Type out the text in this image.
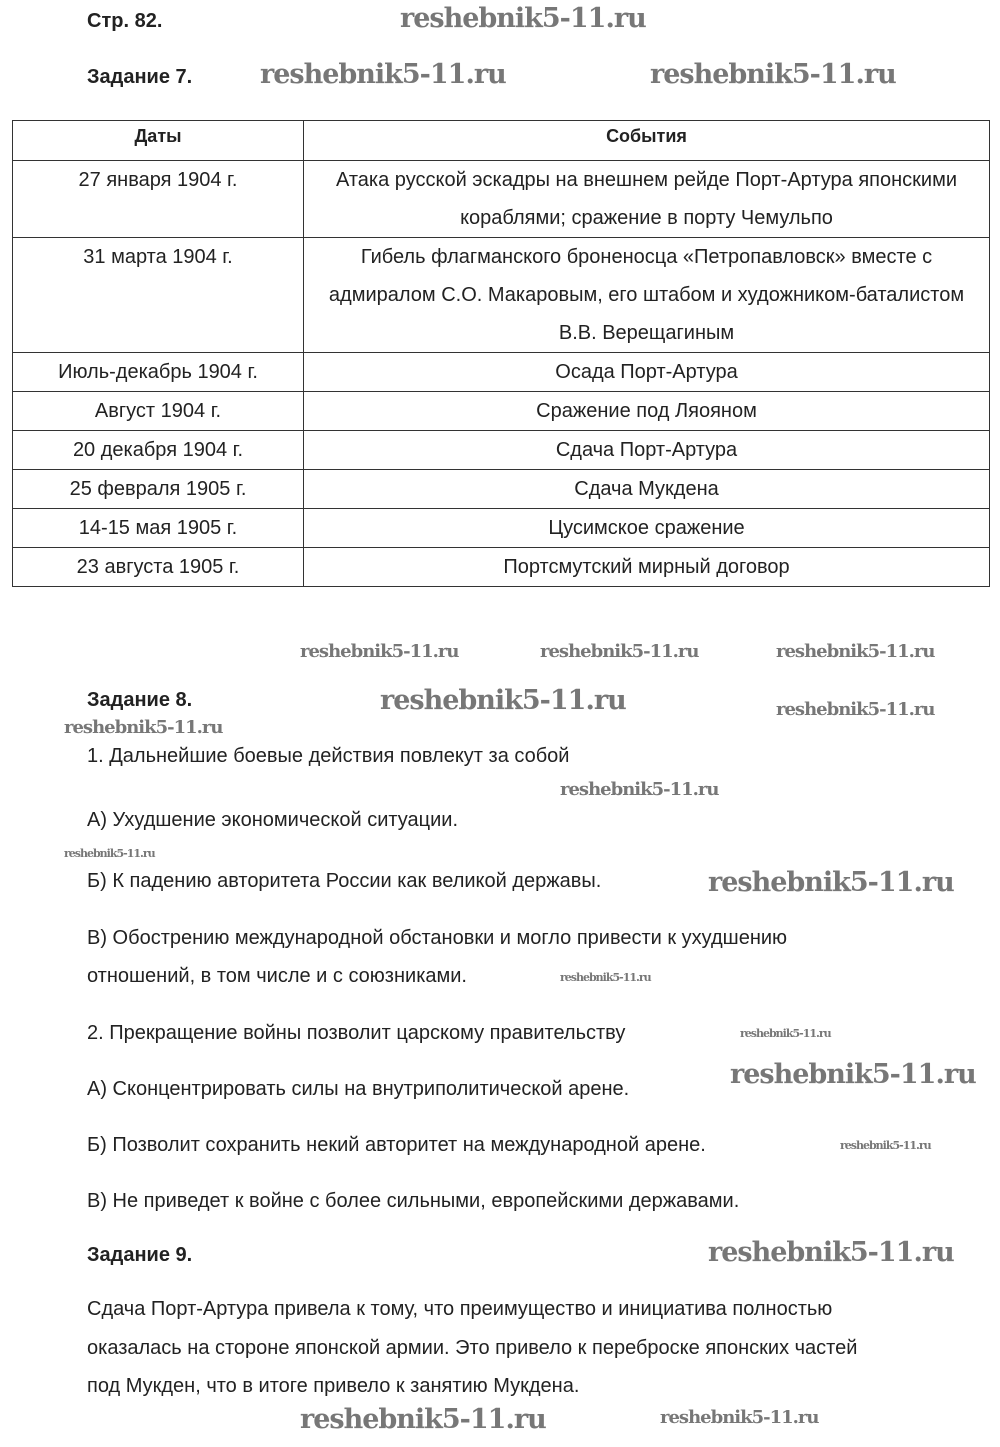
Стр. 82.
Задание 7.
Даты	События
27 января 1904 г.	Атака русской эскадры на внешнем рейде Порт-Артура японскими кораблями; сражение в порту Чемульпо
31 марта 1904 г.	Гибель флагманского броненосца «Петропавловск» вместе с адмиралом С.О. Макаровым, его штабом и художником-баталистом В.В. Верещагиным
Июль-декабрь 1904 г.	Осада Порт-Артура
Август 1904 г.	Сражение под Ляояном
20 декабря 1904 г.	Сдача Порт-Артура
25 февраля 1905 г.	Сдача Мукдена
14-15 мая 1905 г.	Цусимское сражение
23 августа 1905 г.	Портсмутский мирный договор
Задание 8.
1. Дальнейшие боевые действия повлекут за собой
А) Ухудшение экономической ситуации.
Б) К падению авторитета России как великой державы.
В) Обострению международной обстановки и могло привести к ухудшению
отношений, в том числе и с союзниками.
2. Прекращение войны позволит царскому правительству
А) Сконцентрировать силы на внутриполитической арене.
Б) Позволит сохранить некий авторитет на международной арене.
В) Не приведет к войне с более сильными, европейскими державами.
Задание 9.
Сдача Порт-Артура привела к тому, что преимущество и инициатива полностью
оказалась на стороне японской армии. Это привело к переброске японских частей
под Мукден, что в итоге привело к занятию Мукдена.
reshebnik5-11.ru
reshebnik5-11.ru
reshebnik5-11.ru	reshebnik5-11.ru
reshebnik5-11.ru
reshebnik5-11.ru
reshebnik5-11.ru	reshebnik5-11.ru
reshebnik5-11.ru
reshebnik5-11.ru
reshebnik5-11.ru
reshebnik5-11.ru
reshebnik5-11.ru
reshebnik5-11.ru
reshebnik5-11.ru
reshebnik5-11.ru
reshebnik5-11.ru
reshebnik5-11.ru
reshebnik5-11.ru
